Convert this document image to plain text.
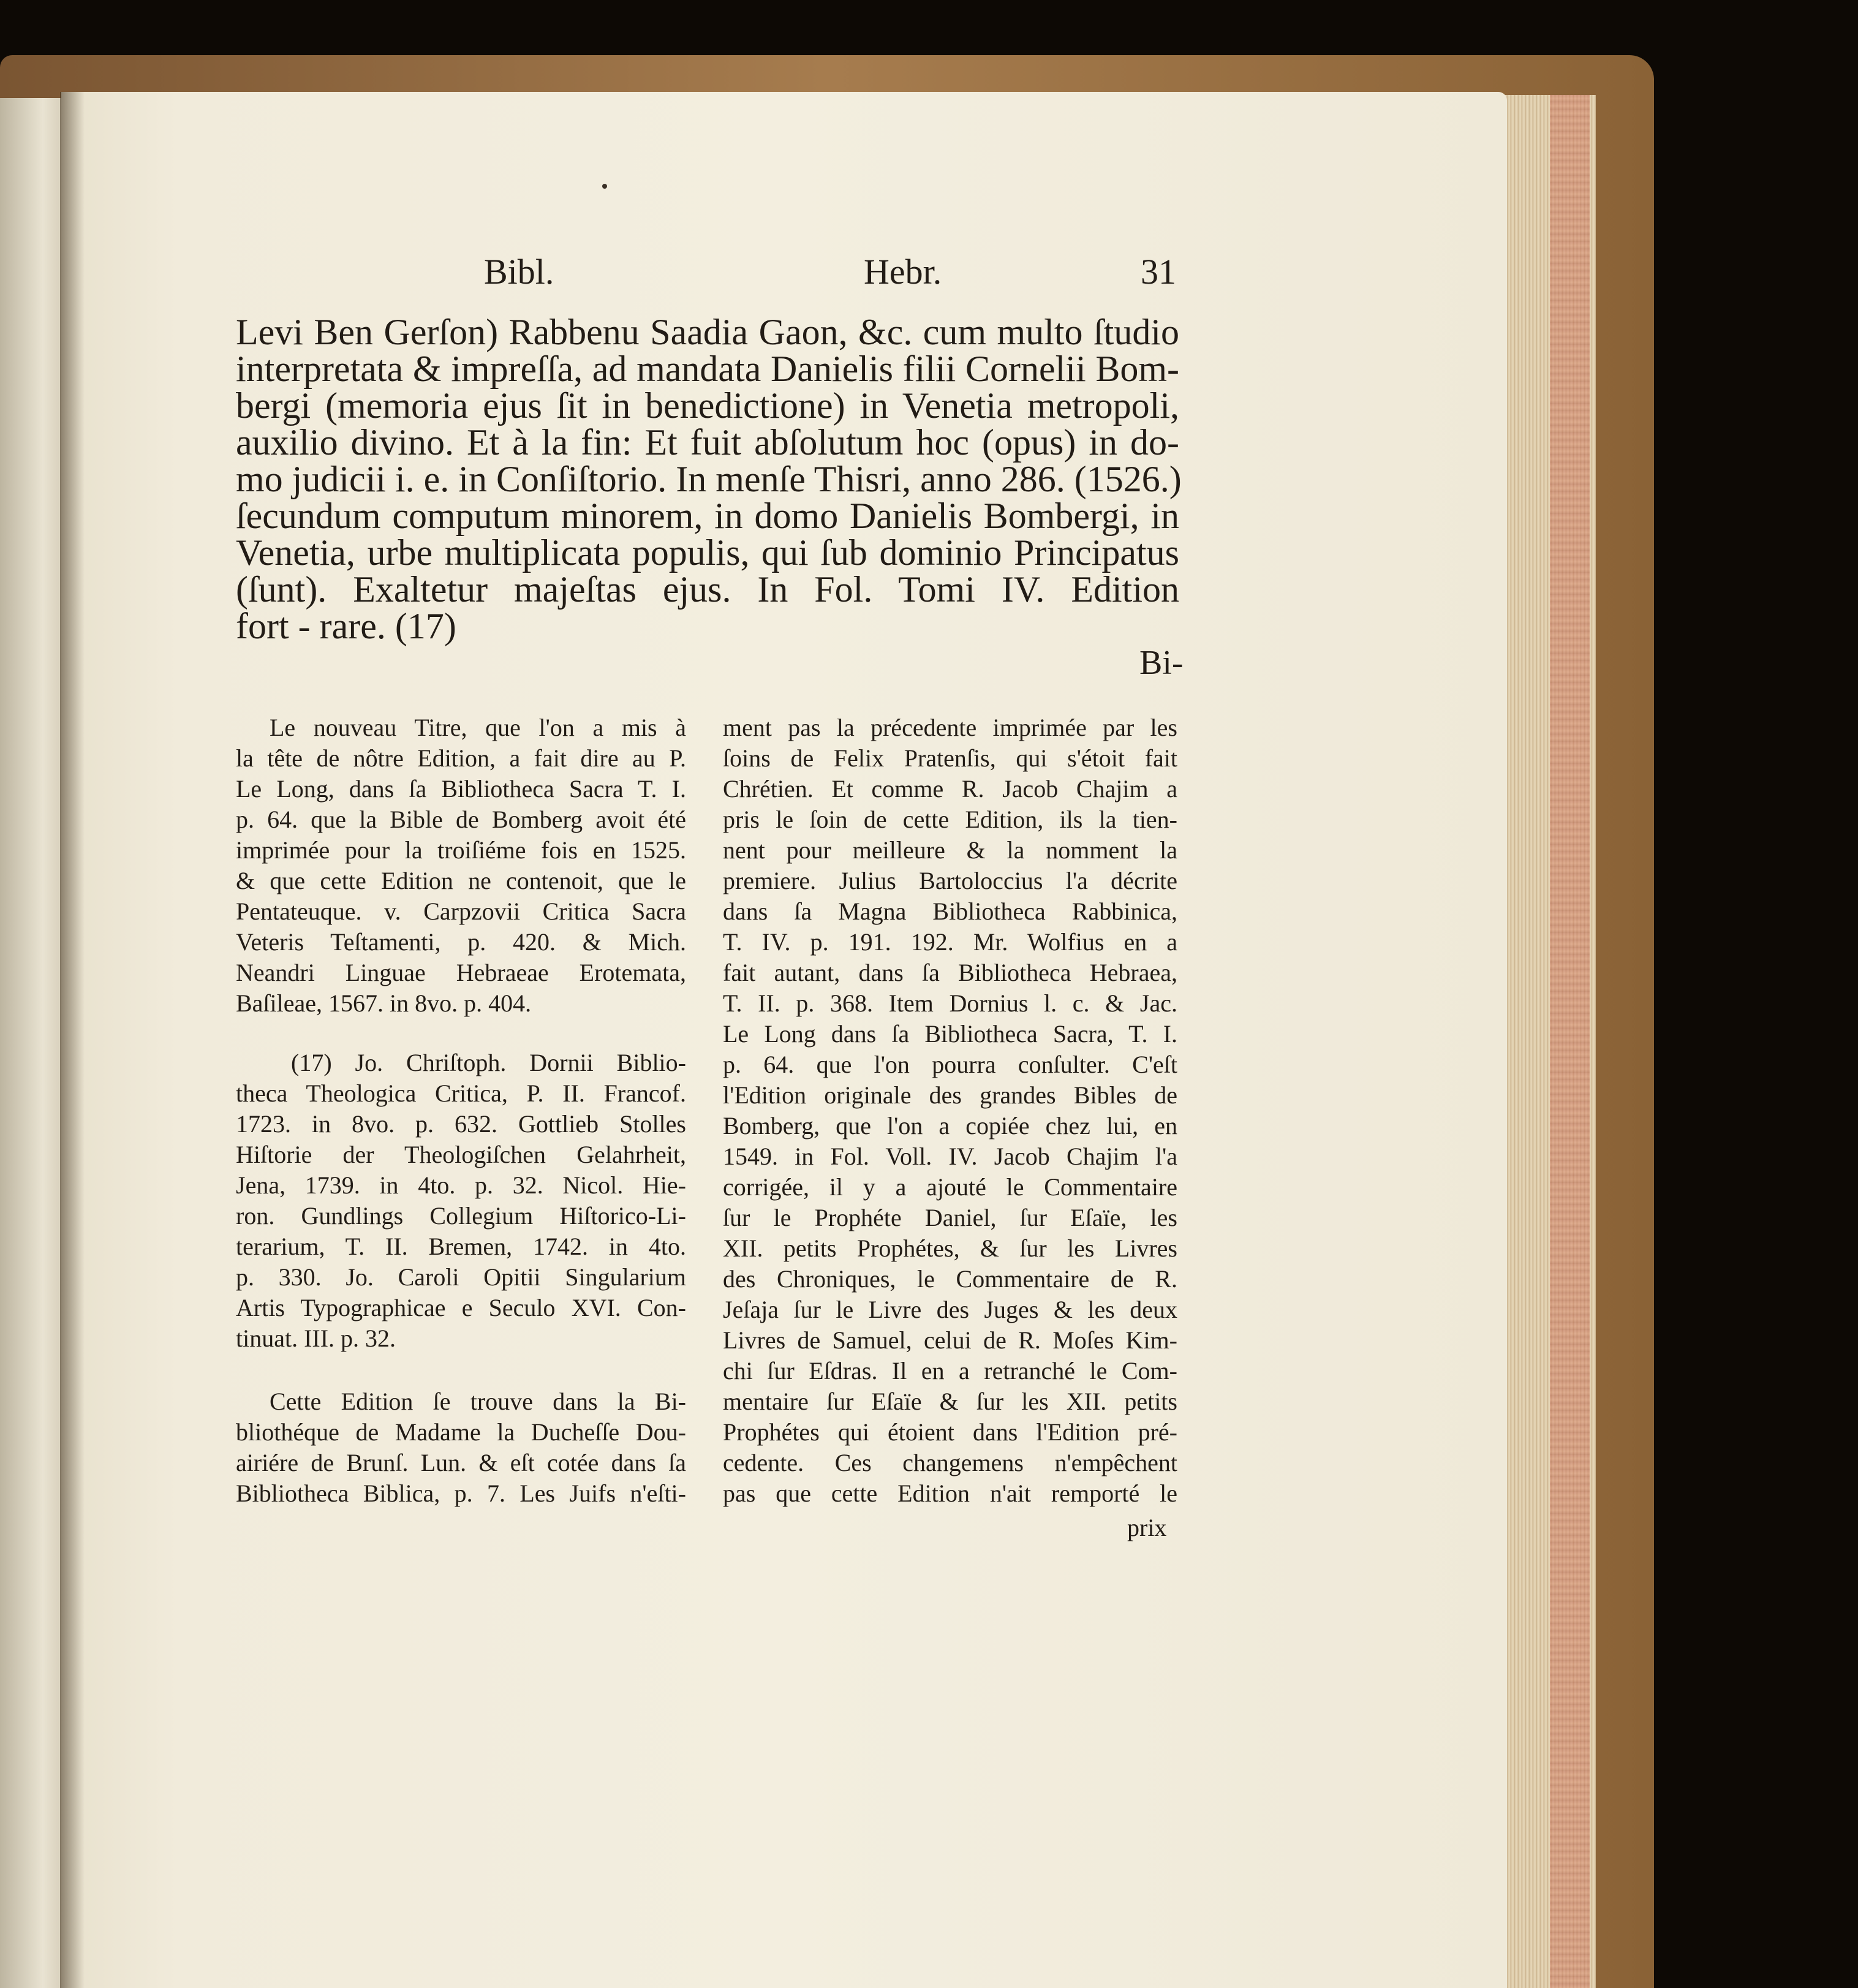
Bibl.	Hebr.	31
Levi Ben Gerſon) Rabbenu Saadia Gaon, &c. cum multo ſtudio
interpretata & impreſſa, ad mandata Danielis filii Cornelii Bom-
bergi (memoria ejus ſit in benedictione) in Venetia metropoli,
auxilio divino. Et à la fin: Et fuit abſolutum hoc (opus) in do-
mo judicii i. e. in Conſiſtorio. In menſe Thisri, anno 286. (1526.)
ſecundum computum minorem, in domo Danielis Bombergi, in
Venetia, urbe multiplicata populis, qui ſub dominio Principatus
(ſunt). Exaltetur majeſtas ejus. In Fol. Tomi IV. Edition
fort - rare. (17)
Bi-
Le nouveau Titre, que l'on a mis à
la tête de nôtre Edition, a fait dire au P.
Le Long, dans ſa Bibliotheca Sacra T. I.
p. 64. que la Bible de Bomberg avoit été
imprimée pour la troiſiéme fois en 1525.
& que cette Edition ne contenoit, que le
Pentateuque. v. Carpzovii Critica Sacra
Veteris Teſtamenti, p. 420. & Mich.
Neandri Linguae Hebraeae Erotemata,
Baſileae, 1567. in 8vo. p. 404.
(17) Jo. Chriſtoph. Dornii Biblio-
theca Theologica Critica, P. II. Francof.
1723. in 8vo. p. 632. Gottlieb Stolles
Hiſtorie der Theologiſchen Gelahrheit,
Jena, 1739. in 4to. p. 32. Nicol. Hie-
ron. Gundlings Collegium Hiſtorico-Li-
terarium, T. II. Bremen, 1742. in 4to.
p. 330. Jo. Caroli Opitii Singularium
Artis Typographicae e Seculo XVI. Con-
tinuat. III. p. 32.
Cette Edition ſe trouve dans la Bi-
bliothéque de Madame la Ducheſſe Dou-
airiére de Brunſ. Lun. & eſt cotée dans ſa
Bibliotheca Biblica, p. 7. Les Juifs n'eſti-
ment pas la précedente imprimée par les
ſoins de Felix Pratenſis, qui s'étoit fait
Chrétien. Et comme R. Jacob Chajim a
pris le ſoin de cette Edition, ils la tien-
nent pour meilleure & la nomment la
premiere. Julius Bartoloccius l'a décrite
dans ſa Magna Bibliotheca Rabbinica,
T. IV. p. 191. 192. Mr. Wolfius en a
fait autant, dans ſa Bibliotheca Hebraea,
T. II. p. 368. Item Dornius l. c. & Jac.
Le Long dans ſa Bibliotheca Sacra, T. I.
p. 64. que l'on pourra conſulter. C'eſt
l'Edition originale des grandes Bibles de
Bomberg, que l'on a copiée chez lui, en
1549. in Fol. Voll. IV. Jacob Chajim l'a
corrigée, il y a ajouté le Commentaire
ſur le Prophéte Daniel, ſur Eſaïe, les
XII. petits Prophétes, & ſur les Livres
des Chroniques, le Commentaire de R.
Jeſaja ſur le Livre des Juges & les deux
Livres de Samuel, celui de R. Moſes Kim-
chi ſur Eſdras. Il en a retranché le Com-
mentaire ſur Eſaïe & ſur les XII. petits
Prophétes qui étoient dans l'Edition pré-
cedente. Ces changemens n'empêchent
pas que cette Edition n'ait remporté le
prix
